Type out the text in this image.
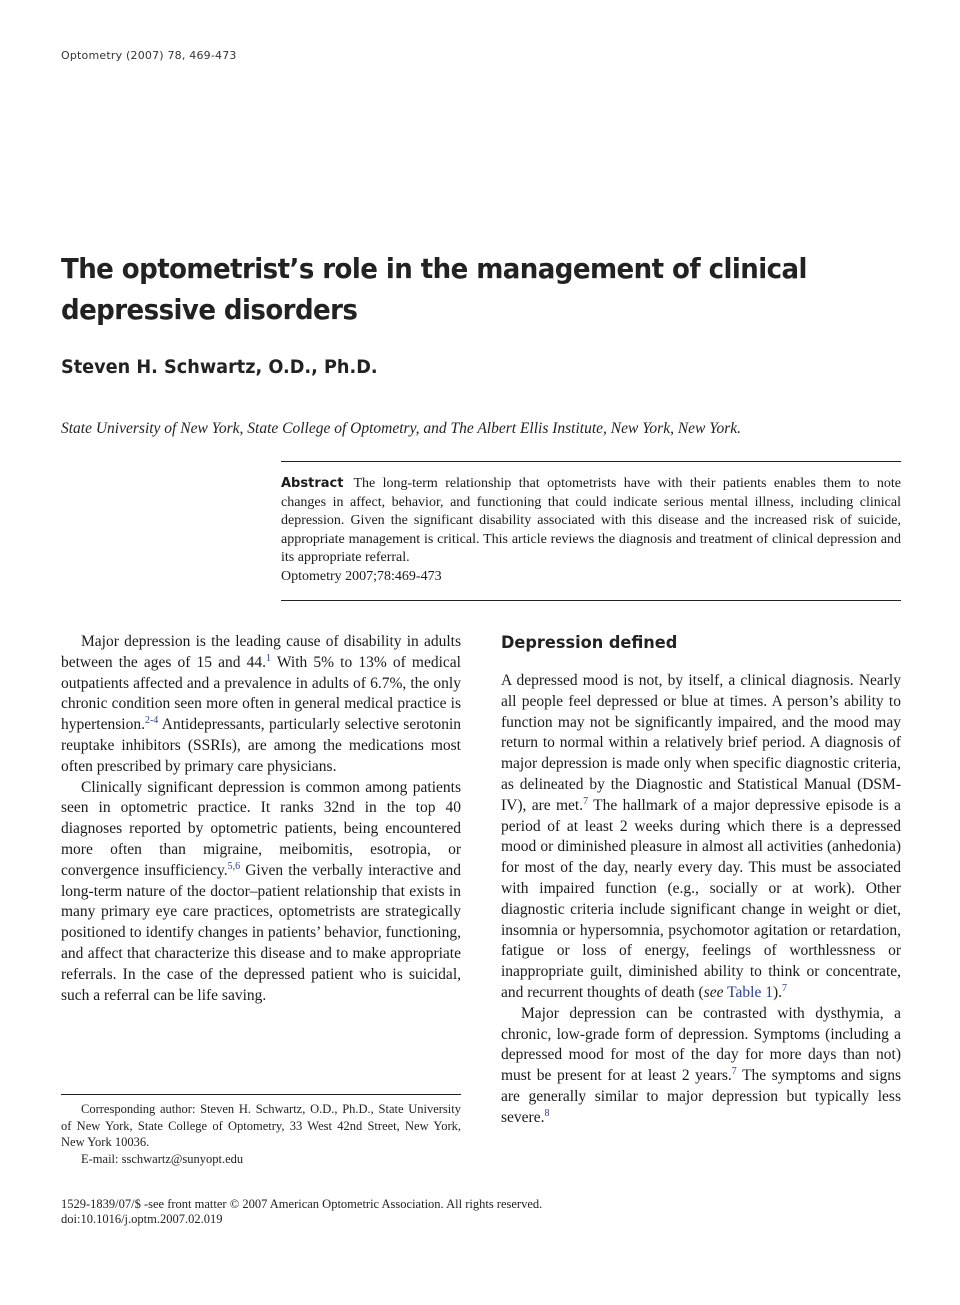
Optometry (2007) 78, 469-473
The optometrist’s role in the management of clinical depressive disorders
Steven H. Schwartz, O.D., Ph.D.
State University of New York, State College of Optometry, and The Albert Ellis Institute, New York, New York.
Abstract The long-term relationship that optometrists have with their patients enables them to note changes in affect, behavior, and functioning that could indicate serious mental illness, including clinical depression. Given the significant disability associated with this disease and the increased risk of suicide, appropriate management is critical. This article reviews the diagnosis and treatment of clinical depression and its appropriate referral.
Optometry 2007;78:469-473

Major depression is the leading cause of disability in adults between the ages of 15 and 44.$^1$ With 5% to 13% of medical outpatients affected and a prevalence in adults of 6.7%, the only chronic condition seen more often in general medical practice is hypertension.$^{2-4}$ Antidepressants, particularly selective serotonin reuptake inhibitors (SSRIs), are among the medications most often prescribed by primary care physicians.

Clinically significant depression is common among patients seen in optometric practice. It ranks 32nd in the top 40 diagnoses reported by optometric patients, being encountered more often than migraine, meibomitis, esotropia, or convergence insufficiency.$^{5,6}$ Given the verbally interactive and long-term nature of the doctor–patient relationship that exists in many primary eye care practices, optometrists are strategically positioned to identify changes in patients’ behavior, functioning, and affect that characterize this disease and to make appropriate referrals. In the case of the depressed patient who is suicidal, such a referral can be life saving.

Depression defined

A depressed mood is not, by itself, a clinical diagnosis. Nearly all people feel depressed or blue at times. A person’s ability to function may not be significantly impaired, and the mood may return to normal within a relatively brief period. A diagnosis of major depression is made only when specific diagnostic criteria, as delineated by the Diagnostic and Statistical Manual (DSM-IV), are met.$^7$ The hallmark of a major depressive episode is a period of at least 2 weeks during which there is a depressed mood or diminished pleasure in almost all activities (anhedonia) for most of the day, nearly every day. This must be associated with impaired function (e.g., socially or at work). Other diagnostic criteria include significant change in weight or diet, insomnia or hypersomnia, psychomotor agitation or retardation, fatigue or loss of energy, feelings of worthlessness or inappropriate guilt, diminished ability to think or concentrate, and recurrent thoughts of death (see Table 1).$^7$

Major depression can be contrasted with dysthymia, a chronic, low-grade form of depression. Symptoms (including a depressed mood for most of the day for more days than not) must be present for at least 2 years.$^7$ The symptoms and signs are generally similar to major depression but typically less severe.$^8$

Corresponding author: Steven H. Schwartz, O.D., Ph.D., State University of New York, State College of Optometry, 33 West 42nd Street, New York, New York 10036.

E-mail: sschwartz@sunyopt.edu

1529-1839/07/$ -see front matter © 2007 American Optometric Association. All rights reserved.
doi:10.1016/j.optm.2007.02.019
